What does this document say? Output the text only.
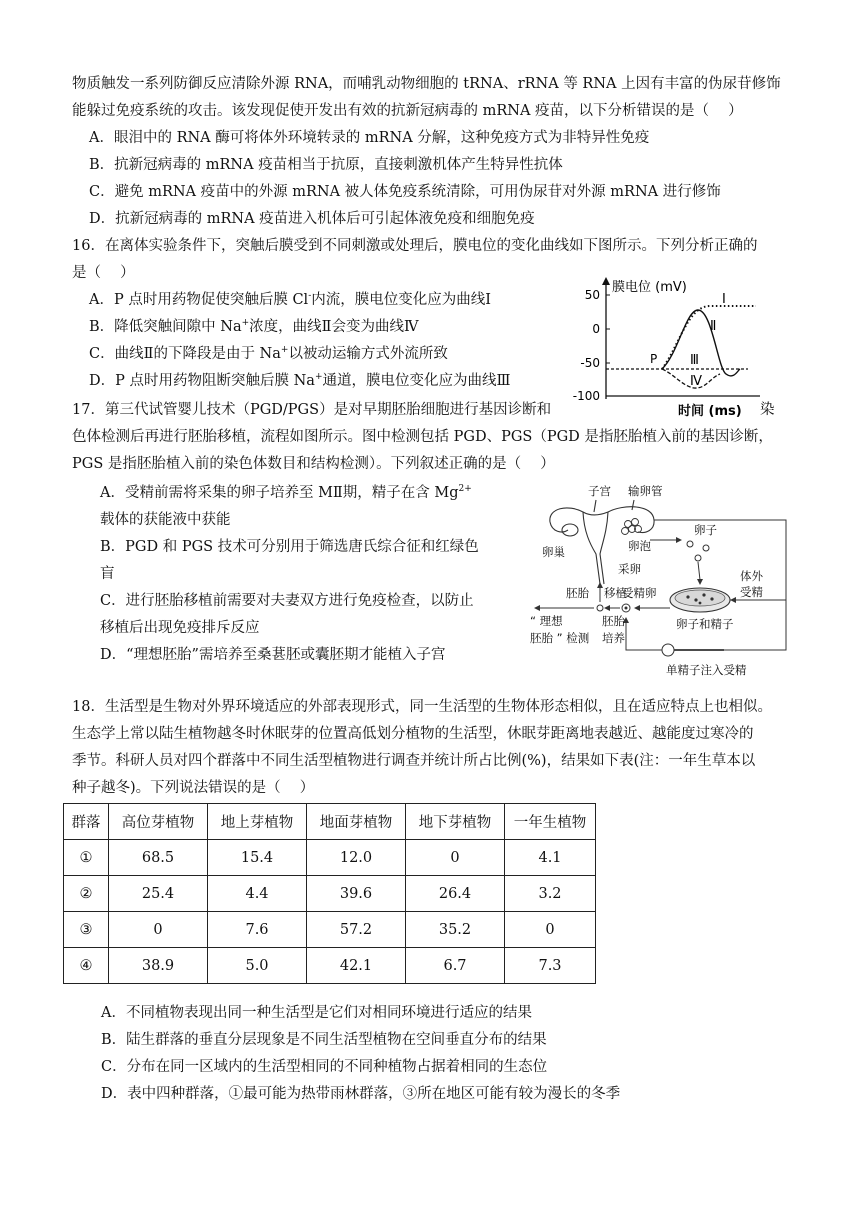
物质触发一系列防御反应清除外源 RNA，而哺乳动物细胞的 tRNA、rRNA 等 RNA 上因有丰富的伪尿苷修饰
能躲过免疫系统的攻击。该发现促使开发出有效的抗新冠病毒的 mRNA 疫苗，以下分析错误的是（　 ）
A．眼泪中的 RNA 酶可将体外环境转录的 mRNA 分解，这种免疫方式为非特异性免疫
B．抗新冠病毒的 mRNA 疫苗相当于抗原，直接刺激机体产生特异性抗体
C．避免 mRNA 疫苗中的外源 mRNA 被人体免疫系统清除，可用伪尿苷对外源 mRNA 进行修饰
D．抗新冠病毒的 mRNA 疫苗进入机体后可引起体液免疫和细胞免疫
16．在离体实验条件下，突触后膜受到不同刺激或处理后，膜电位的变化曲线如下图所示。下列分析正确的
是（　 ）
A．P 点时用药物促使突触后膜 Cl-内流，膜电位变化应为曲线Ⅰ
B．降低突触间隙中 Na+浓度，曲线Ⅱ会变为曲线Ⅳ
C．曲线Ⅱ的下降段是由于 Na+以被动运输方式外流所致
D．P 点时用药物阻断突触后膜 Na+通道，膜电位变化应为曲线Ⅲ
50
0
-50
-100
膜电位 (mV)
时间 (ms)
P
Ⅰ
Ⅱ
Ⅲ
Ⅳ
17．第三代试管婴儿技术（PGD/PGS）是对早期胚胎细胞进行基因诊断和	染
色体检测后再进行胚胎移植，流程如图所示。图中检测包括 PGD、PGS（PGD 是指胚胎植入前的基因诊断，
PGS 是指胚胎植入前的染色体数目和结构检测）。下列叙述正确的是（　 ）
A．受精前需将采集的卵子培养至 MⅡ期，精子在含 $Mg^{2+}$
载体的获能液中获能
B．PGD 和 PGS 技术可分别用于筛选唐氏综合征和红绿色
盲
C．进行胚胎移植前需要对夫妻双方进行免疫检查，以防止
移植后出现免疫排斥反应
D．“理想胚胎”需培养至桑葚胚或囊胚期才能植入子宫
子宫 输卵管
卵巢	卵泡
采卵
卵子
体外
受精
卵子和精子
单精子注入受精
胚胎 移植
受精卵
“ 理想
胚胎 ” 检测
胚胎
培养
18．生活型是生物对外界环境适应的外部表现形式，同一生活型的生物体形态相似，且在适应特点上也相似。
生态学上常以陆生植物越冬时休眠芽的位置高低划分植物的生活型，休眠芽距离地表越近、越能度过寒冷的
季节。科研人员对四个群落中不同生活型植物进行调查并统计所占比例(%)，结果如下表(注：一年生草本以
种子越冬)。下列说法错误的是（　 ）
群落	高位芽植物	地上芽植物	地面芽植物	地下芽植物	一年生植物
①	68.5	15.4	12.0	0	4.1
②	25.4	4.4	39.6	26.4	3.2
③	0	7.6	57.2	35.2	0
④	38.9	5.0	42.1	6.7	7.3
A．不同植物表现出同一种生活型是它们对相同环境进行适应的结果
B．陆生群落的垂直分层现象是不同生活型植物在空间垂直分布的结果
C．分布在同一区域内的生活型相同的不同种植物占据着相同的生态位
D．表中四种群落，①最可能为热带雨林群落，③所在地区可能有较为漫长的冬季
